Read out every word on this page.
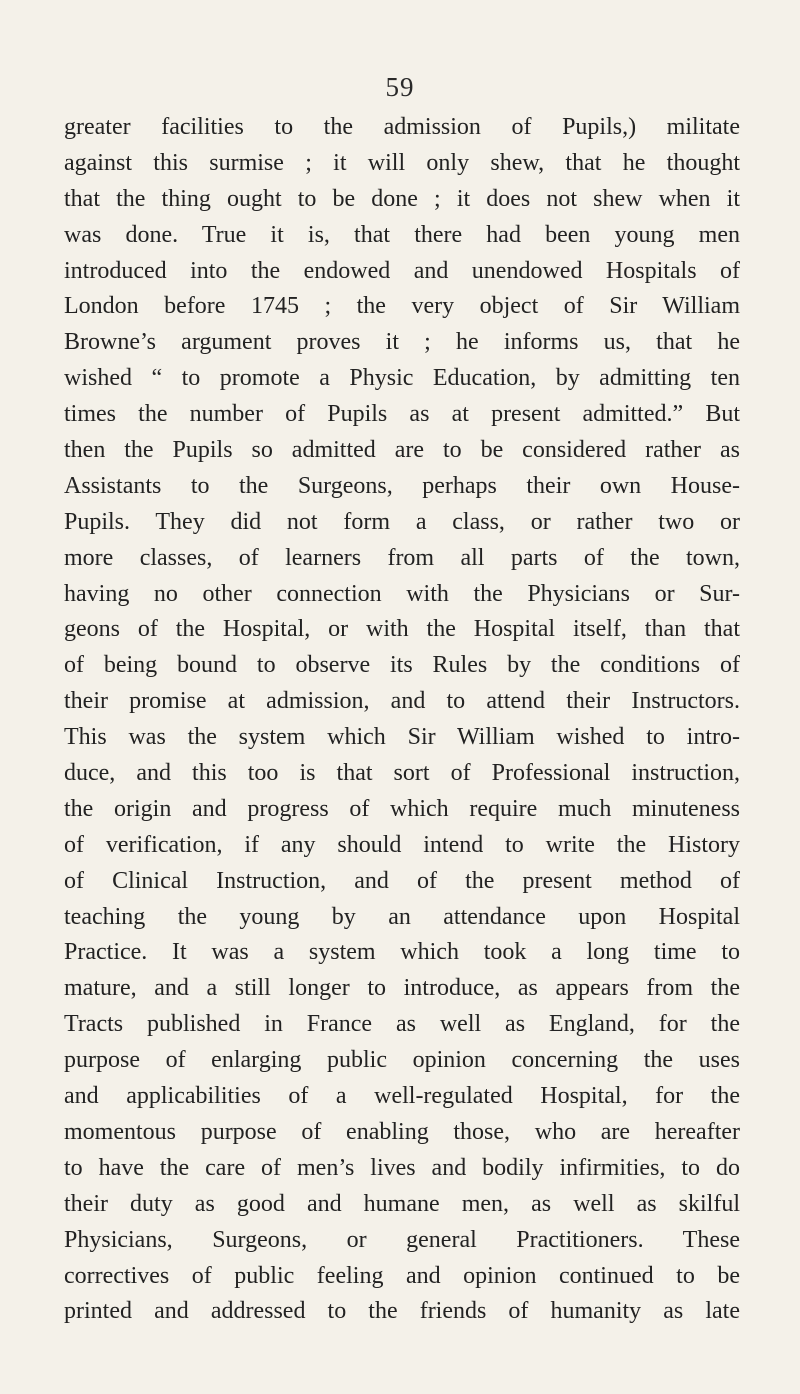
59
greater facilities to the admission of Pupils,) militate
against this surmise ; it will only shew, that he thought
that the thing ought to be done ; it does not shew when it
was done. True it is, that there had been young men
introduced into the endowed and unendowed Hospitals of
London before 1745 ; the very object of Sir William
Browne’s argument proves it ; he informs us, that he
wished “ to promote a Physic Education, by admitting ten
times the number of Pupils as at present admitted.” But
then the Pupils so admitted are to be considered rather as
Assistants to the Surgeons, perhaps their own House-
Pupils. They did not form a class, or rather two or
more classes, of learners from all parts of the town,
having no other connection with the Physicians or Sur-
geons of the Hospital, or with the Hospital itself, than that
of being bound to observe its Rules by the conditions of
their promise at admission, and to attend their Instructors.
This was the system which Sir William wished to intro-
duce, and this too is that sort of Professional instruction,
the origin and progress of which require much minuteness
of verification, if any should intend to write the History
of Clinical Instruction, and of the present method of
teaching the young by an attendance upon Hospital
Practice. It was a system which took a long time to
mature, and a still longer to introduce, as appears from the
Tracts published in France as well as England, for the
purpose of enlarging public opinion concerning the uses
and applicabilities of a well-regulated Hospital, for the
momentous purpose of enabling those, who are hereafter
to have the care of men’s lives and bodily infirmities, to do
their duty as good and humane men, as well as skilful
Physicians, Surgeons, or general Practitioners. These
correctives of public feeling and opinion continued to be
printed and addressed to the friends of humanity as late
